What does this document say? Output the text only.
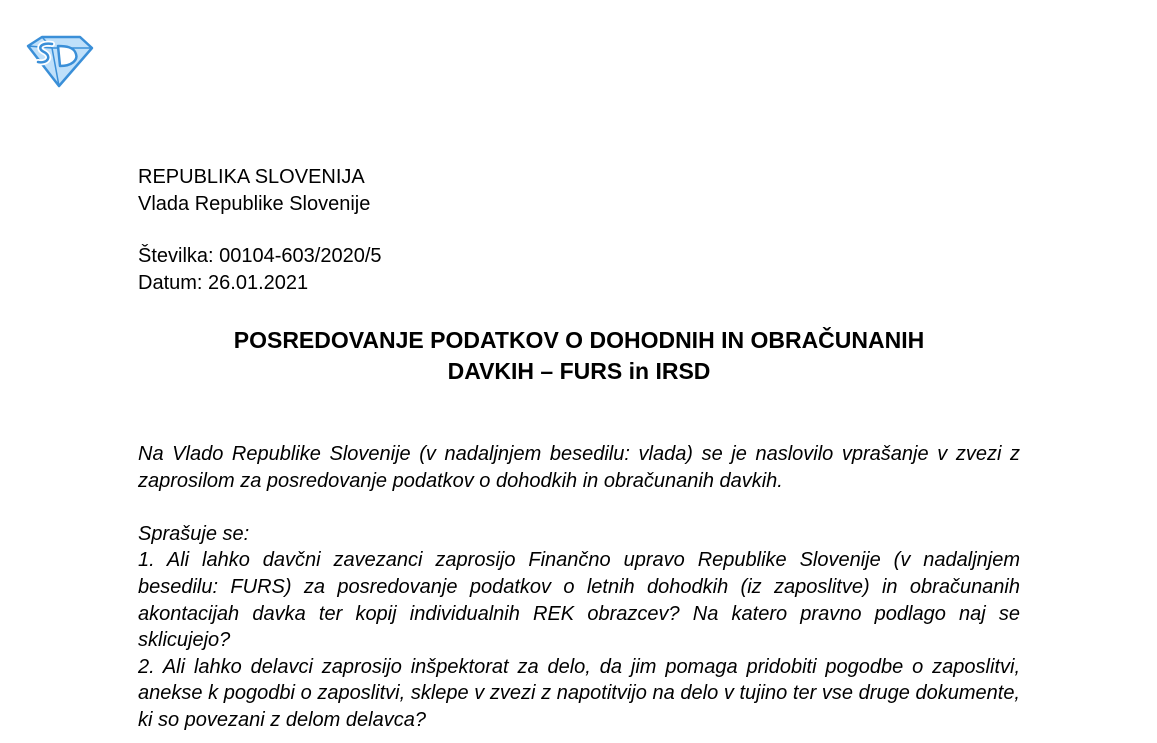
REPUBLIKA SLOVENIJA
Vlada Republike Slovenije
Številka: 00104-603/2020/5
Datum: 26.01.2021
POSREDOVANJE PODATKOV O DOHODNIH IN OBRAČUNANIH
DAVKIH – FURS in IRSD

Na Vlado Republike Slovenije (v nadaljnjem besedilu: vlada) se je naslovilo vprašanje v zvezi z zaprosilom za posredovanje podatkov o dohodkih in obračunanih davkih.

Sprašuje se:

1. Ali lahko davčni zavezanci zaprosijo Finančno upravo Republike Slovenije (v nadaljnjem besedilu: FURS) za posredovanje podatkov o letnih dohodkih (iz zaposlitve) in obračunanih akontacijah davka ter kopij individualnih REK obrazcev? Na katero pravno podlago naj se sklicujejo?

2. Ali lahko delavci zaprosijo inšpektorat za delo, da jim pomaga pridobiti pogodbe o zaposlitvi, anekse k pogodbi o zaposlitvi, sklepe v zvezi z napotitvijo na delo v tujino ter vse druge dokumente, ki so povezani z delom delavca?
